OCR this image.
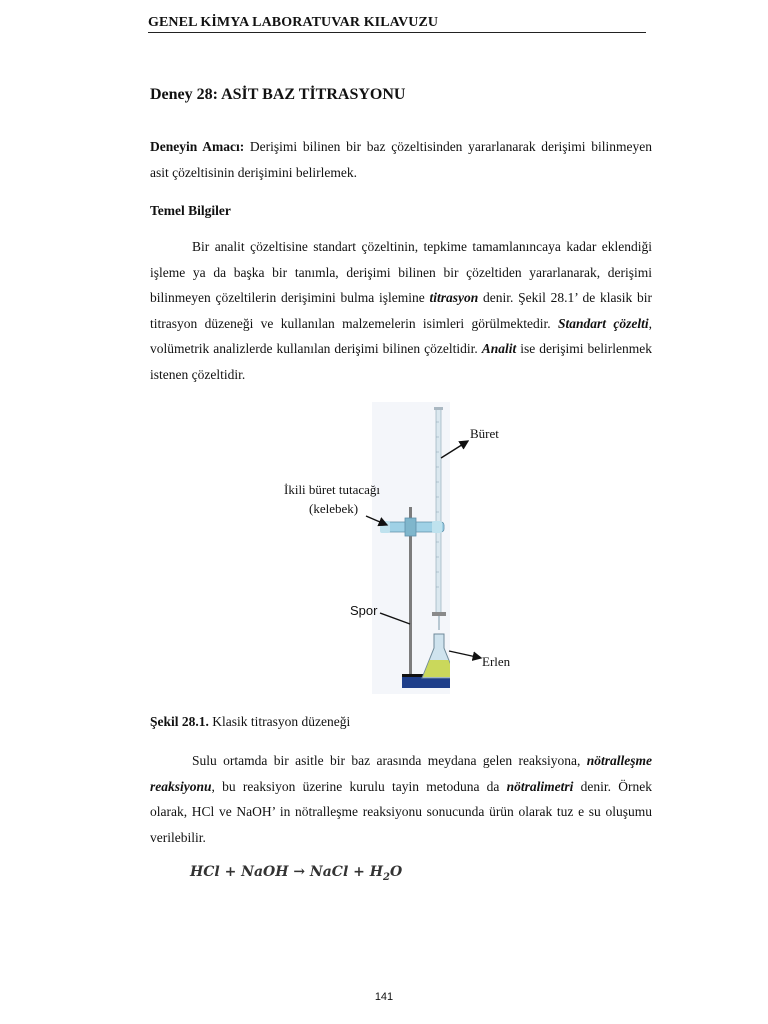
GENEL KİMYA LABORATUVAR KILAVUZU
Deney 28: ASİT BAZ TİTRASYONU
Deneyin Amacı: Derişimi bilinen bir baz çözeltisinden yararlanarak derişimi bilinmeyen asit çözeltisinin derişimini belirlemek.
Temel Bilgiler
Bir analit çözeltisine standart çözeltinin, tepkime tamamlanıncaya kadar eklendiği işleme ya da başka bir tanımla, derişimi bilinen bir çözeltiden yararlanarak, derişimi bilinmeyen çözeltilerin derişimini bulma işlemine titrasyon denir. Şekil 28.1’ de klasik bir titrasyon düzeneği ve kullanılan malzemelerin isimleri görülmektedir. Standart çözelti, volümetrik analizlerde kullanılan derişimi bilinen çözeltidir. Analit ise derişimi belirlenmek istenen çözeltidir.
Büret
İkili büret tutacağı
(kelebek)
Spor
Erlen
Şekil 28.1. Klasik titrasyon düzeneği
Sulu ortamda bir asitle bir baz arasında meydana gelen reaksiyona, nötralleşme reaksiyonu, bu reaksiyon üzerine kurulu tayin metoduna da nötralimetri denir. Örnek olarak, HCl ve NaOH’ in nötralleşme reaksiyonu sonucunda ürün olarak tuz e su oluşumu verilebilir.
HCl + NaOH → NaCl + $H_2O$
141
